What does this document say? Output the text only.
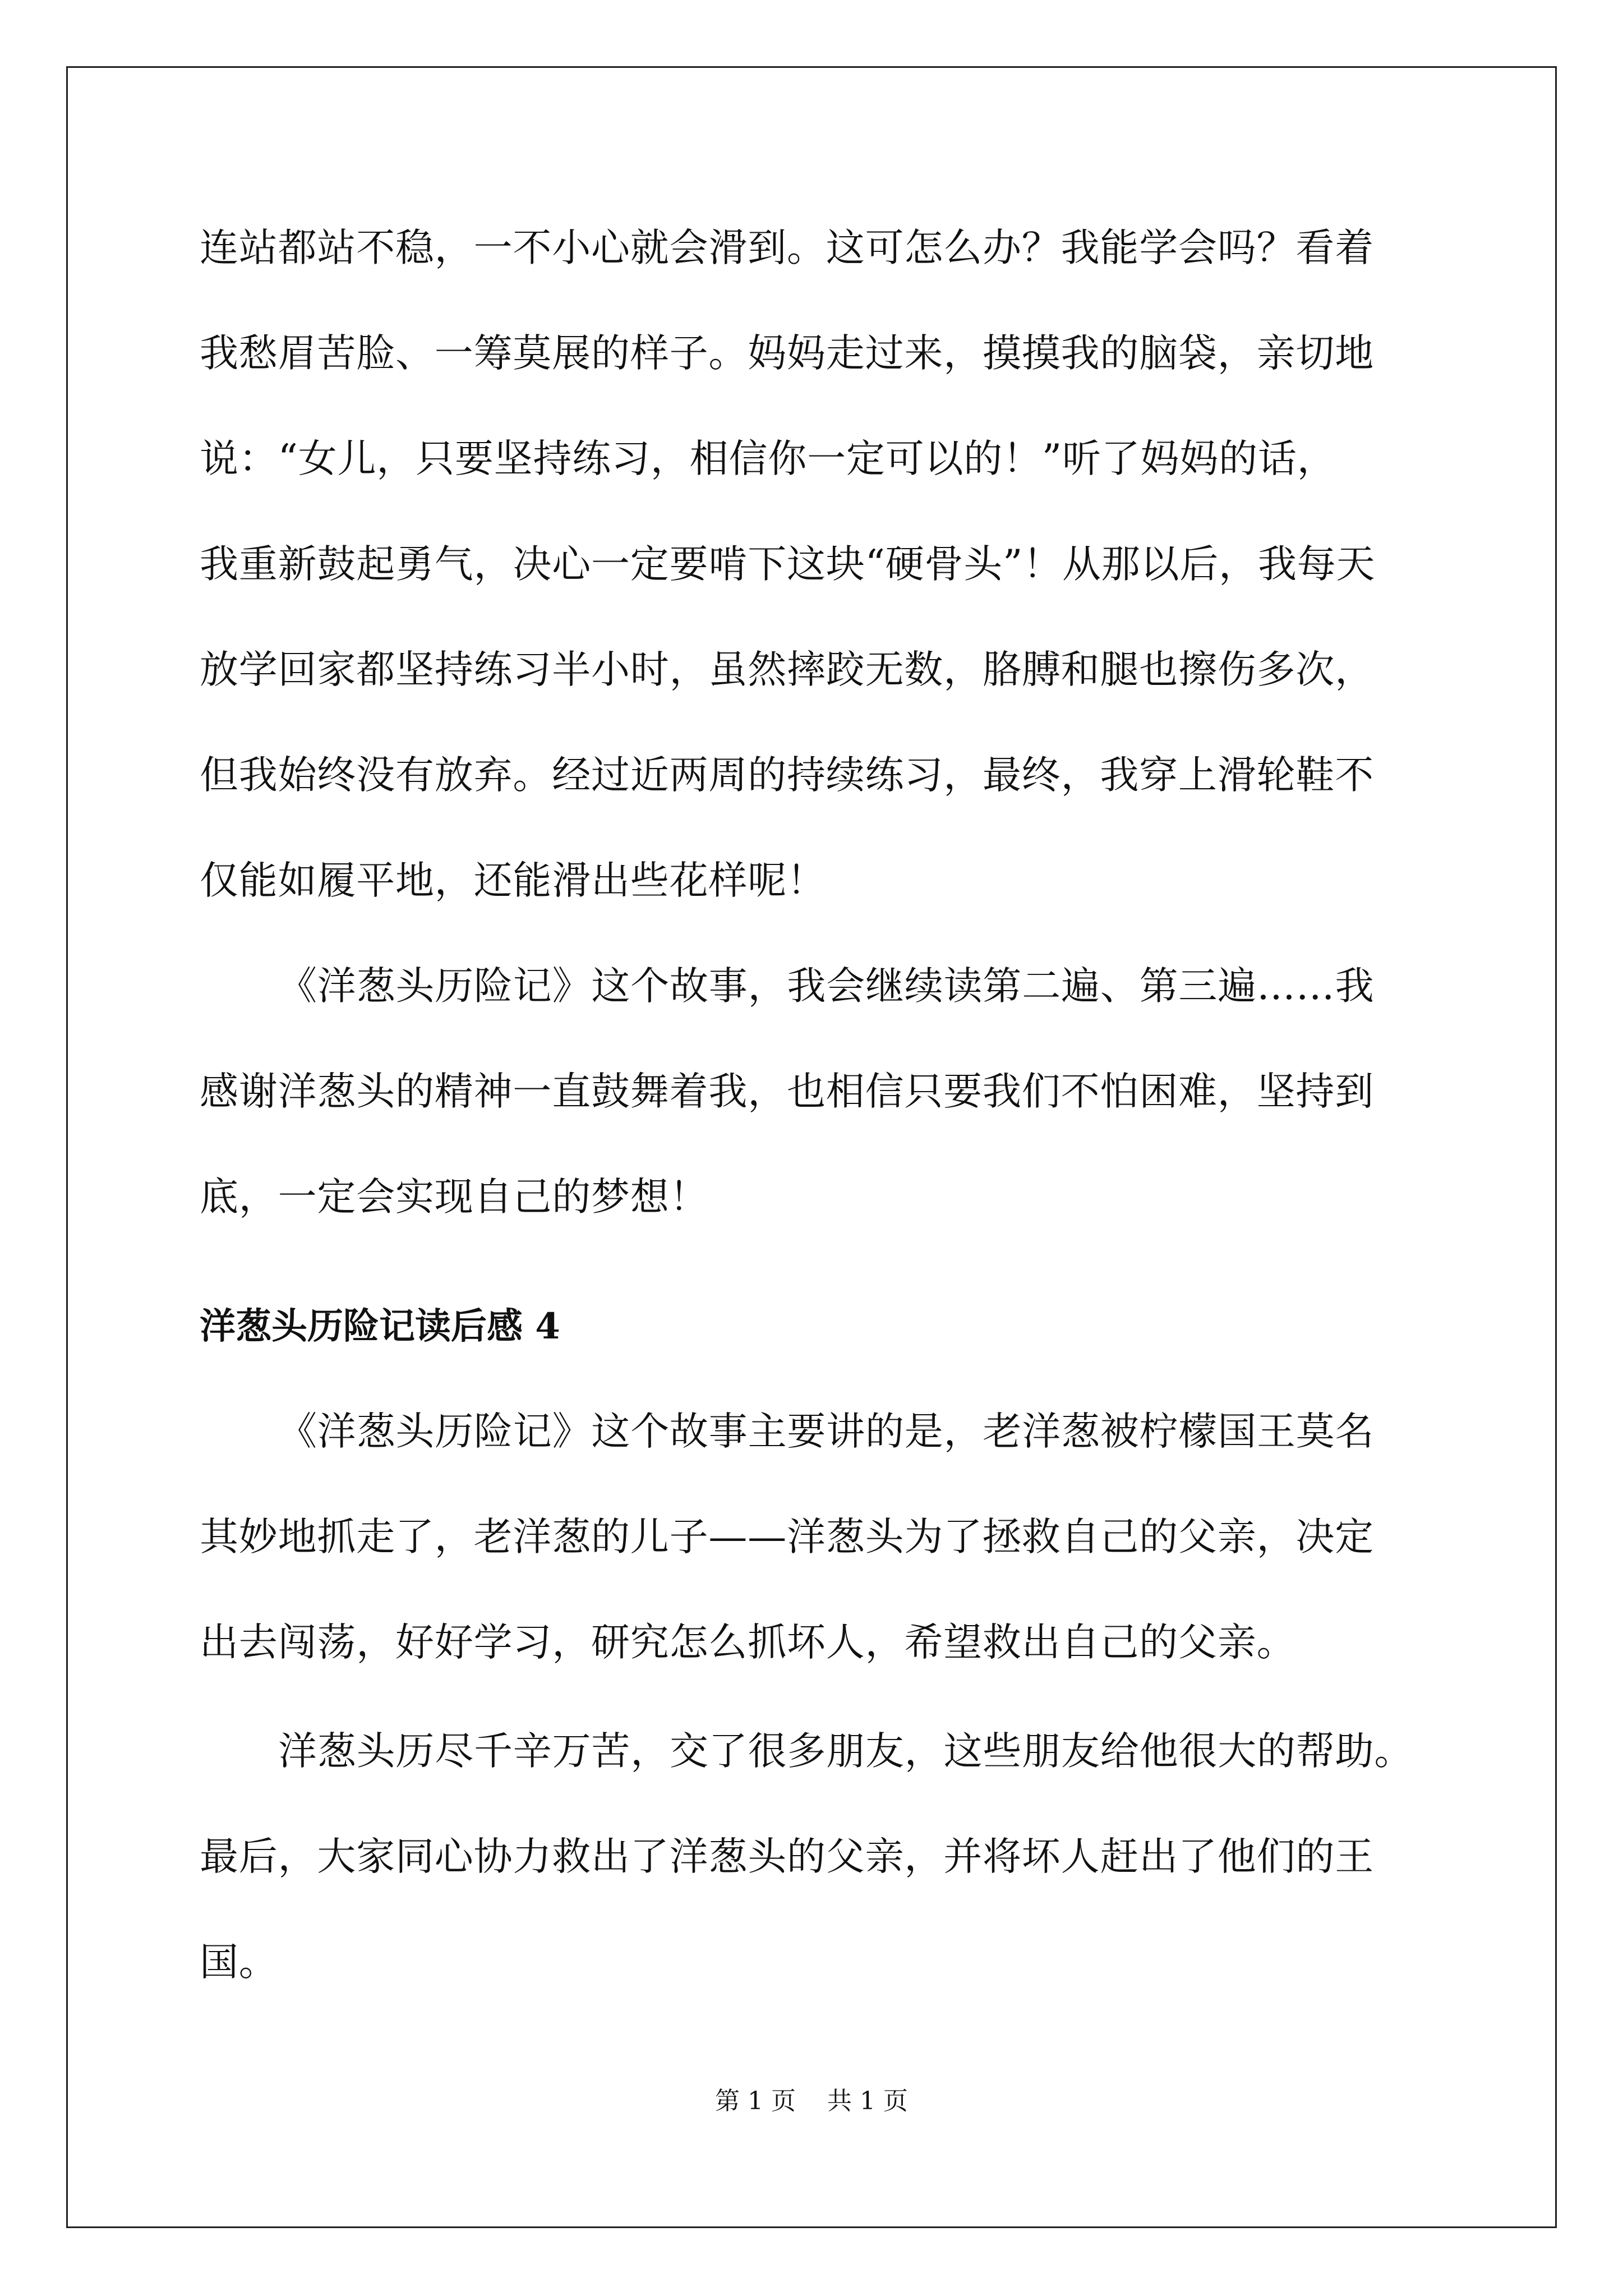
连站都站不稳，一不小心就会滑到。这可怎么办？我能学会吗？看着

我愁眉苦脸、一筹莫展的样子。妈妈走过来，摸摸我的脑袋，亲切地

说：“女儿，只要坚持练习，相信你一定可以的！”听了妈妈的话，

我重新鼓起勇气，决心一定要啃下这块“硬骨头”！从那以后，我每天

放学回家都坚持练习半小时，虽然摔跤无数，胳膊和腿也擦伤多次，

但我始终没有放弃。经过近两周的持续练习，最终，我穿上滑轮鞋不

仅能如履平地，还能滑出些花样呢！

《洋葱头历险记》这个故事，我会继续读第二遍、第三遍……我

感谢洋葱头的精神一直鼓舞着我，也相信只要我们不怕困难，坚持到

底，一定会实现自己的梦想！

洋葱头历险记读后感 4

《洋葱头历险记》这个故事主要讲的是，老洋葱被柠檬国王莫名

其妙地抓走了，老洋葱的儿子——洋葱头为了拯救自己的父亲，决定

出去闯荡，好好学习，研究怎么抓坏人，希望救出自己的父亲。

洋葱头历尽千辛万苦，交了很多朋友，这些朋友给他很大的帮助。

最后，大家同心协力救出了洋葱头的父亲，并将坏人赶出了他们的王

国。

第 1 页    共 1 页
